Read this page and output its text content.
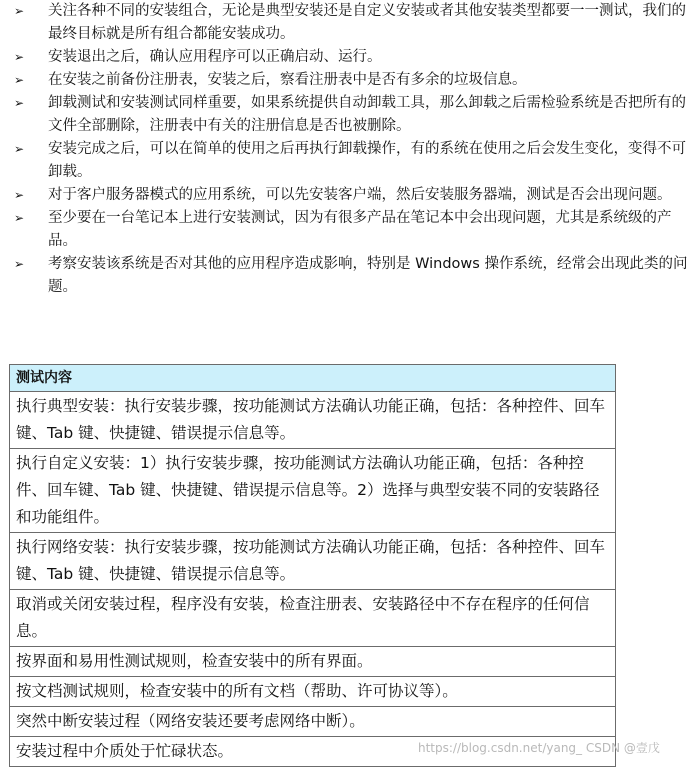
➢ 关注各种不同的安装组合，无论是典型安装还是自定义安装或者其他安装类型都要一一测试，我们的最终目标就是所有组合都能安装成功。
➢ 安装退出之后，确认应用程序可以正确启动、运行。
➢ 在安装之前备份注册表，安装之后，察看注册表中是否有多余的垃圾信息。
➢ 卸载测试和安装测试同样重要，如果系统提供自动卸载工具，那么卸载之后需检验系统是否把所有的文件全部删除，注册表中有关的注册信息是否也被删除。
➢ 安装完成之后，可以在简单的使用之后再执行卸载操作，有的系统在使用之后会发生变化，变得不可卸载。
➢ 对于客户服务器模式的应用系统，可以先安装客户端，然后安装服务器端，测试是否会出现问题。
➢ 至少要在一台笔记本上进行安装测试，因为有很多产品在笔记本中会出现问题，尤其是系统级的产品。
➢ 考察安装该系统是否对其他的应用程序造成影响，特别是 Windows 操作系统，经常会出现此类的问题。
测试内容
执行典型安装：执行安装步骤，按功能测试方法确认功能正确，包括：各种控件、回车键、Tab 键、快捷键、错误提示信息等。
执行自定义安装：1）执行安装步骤，按功能测试方法确认功能正确，包括：各种控件、回车键、Tab 键、快捷键、错误提示信息等。2）选择与典型安装不同的安装路径和功能组件。
执行网络安装：执行安装步骤，按功能测试方法确认功能正确，包括：各种控件、回车键、Tab 键、快捷键、错误提示信息等。
取消或关闭安装过程，程序没有安装，检查注册表、安装路径中不存在程序的任何信息。
按界面和易用性测试规则，检查安装中的所有界面。
按文档测试规则，检查安装中的所有文档（帮助、许可协议等）。
突然中断安装过程（网络安装还要考虑网络中断）。
安装过程中介质处于忙碌状态。	https://blog.csdn.net/yang_ CSDN @壹戊
